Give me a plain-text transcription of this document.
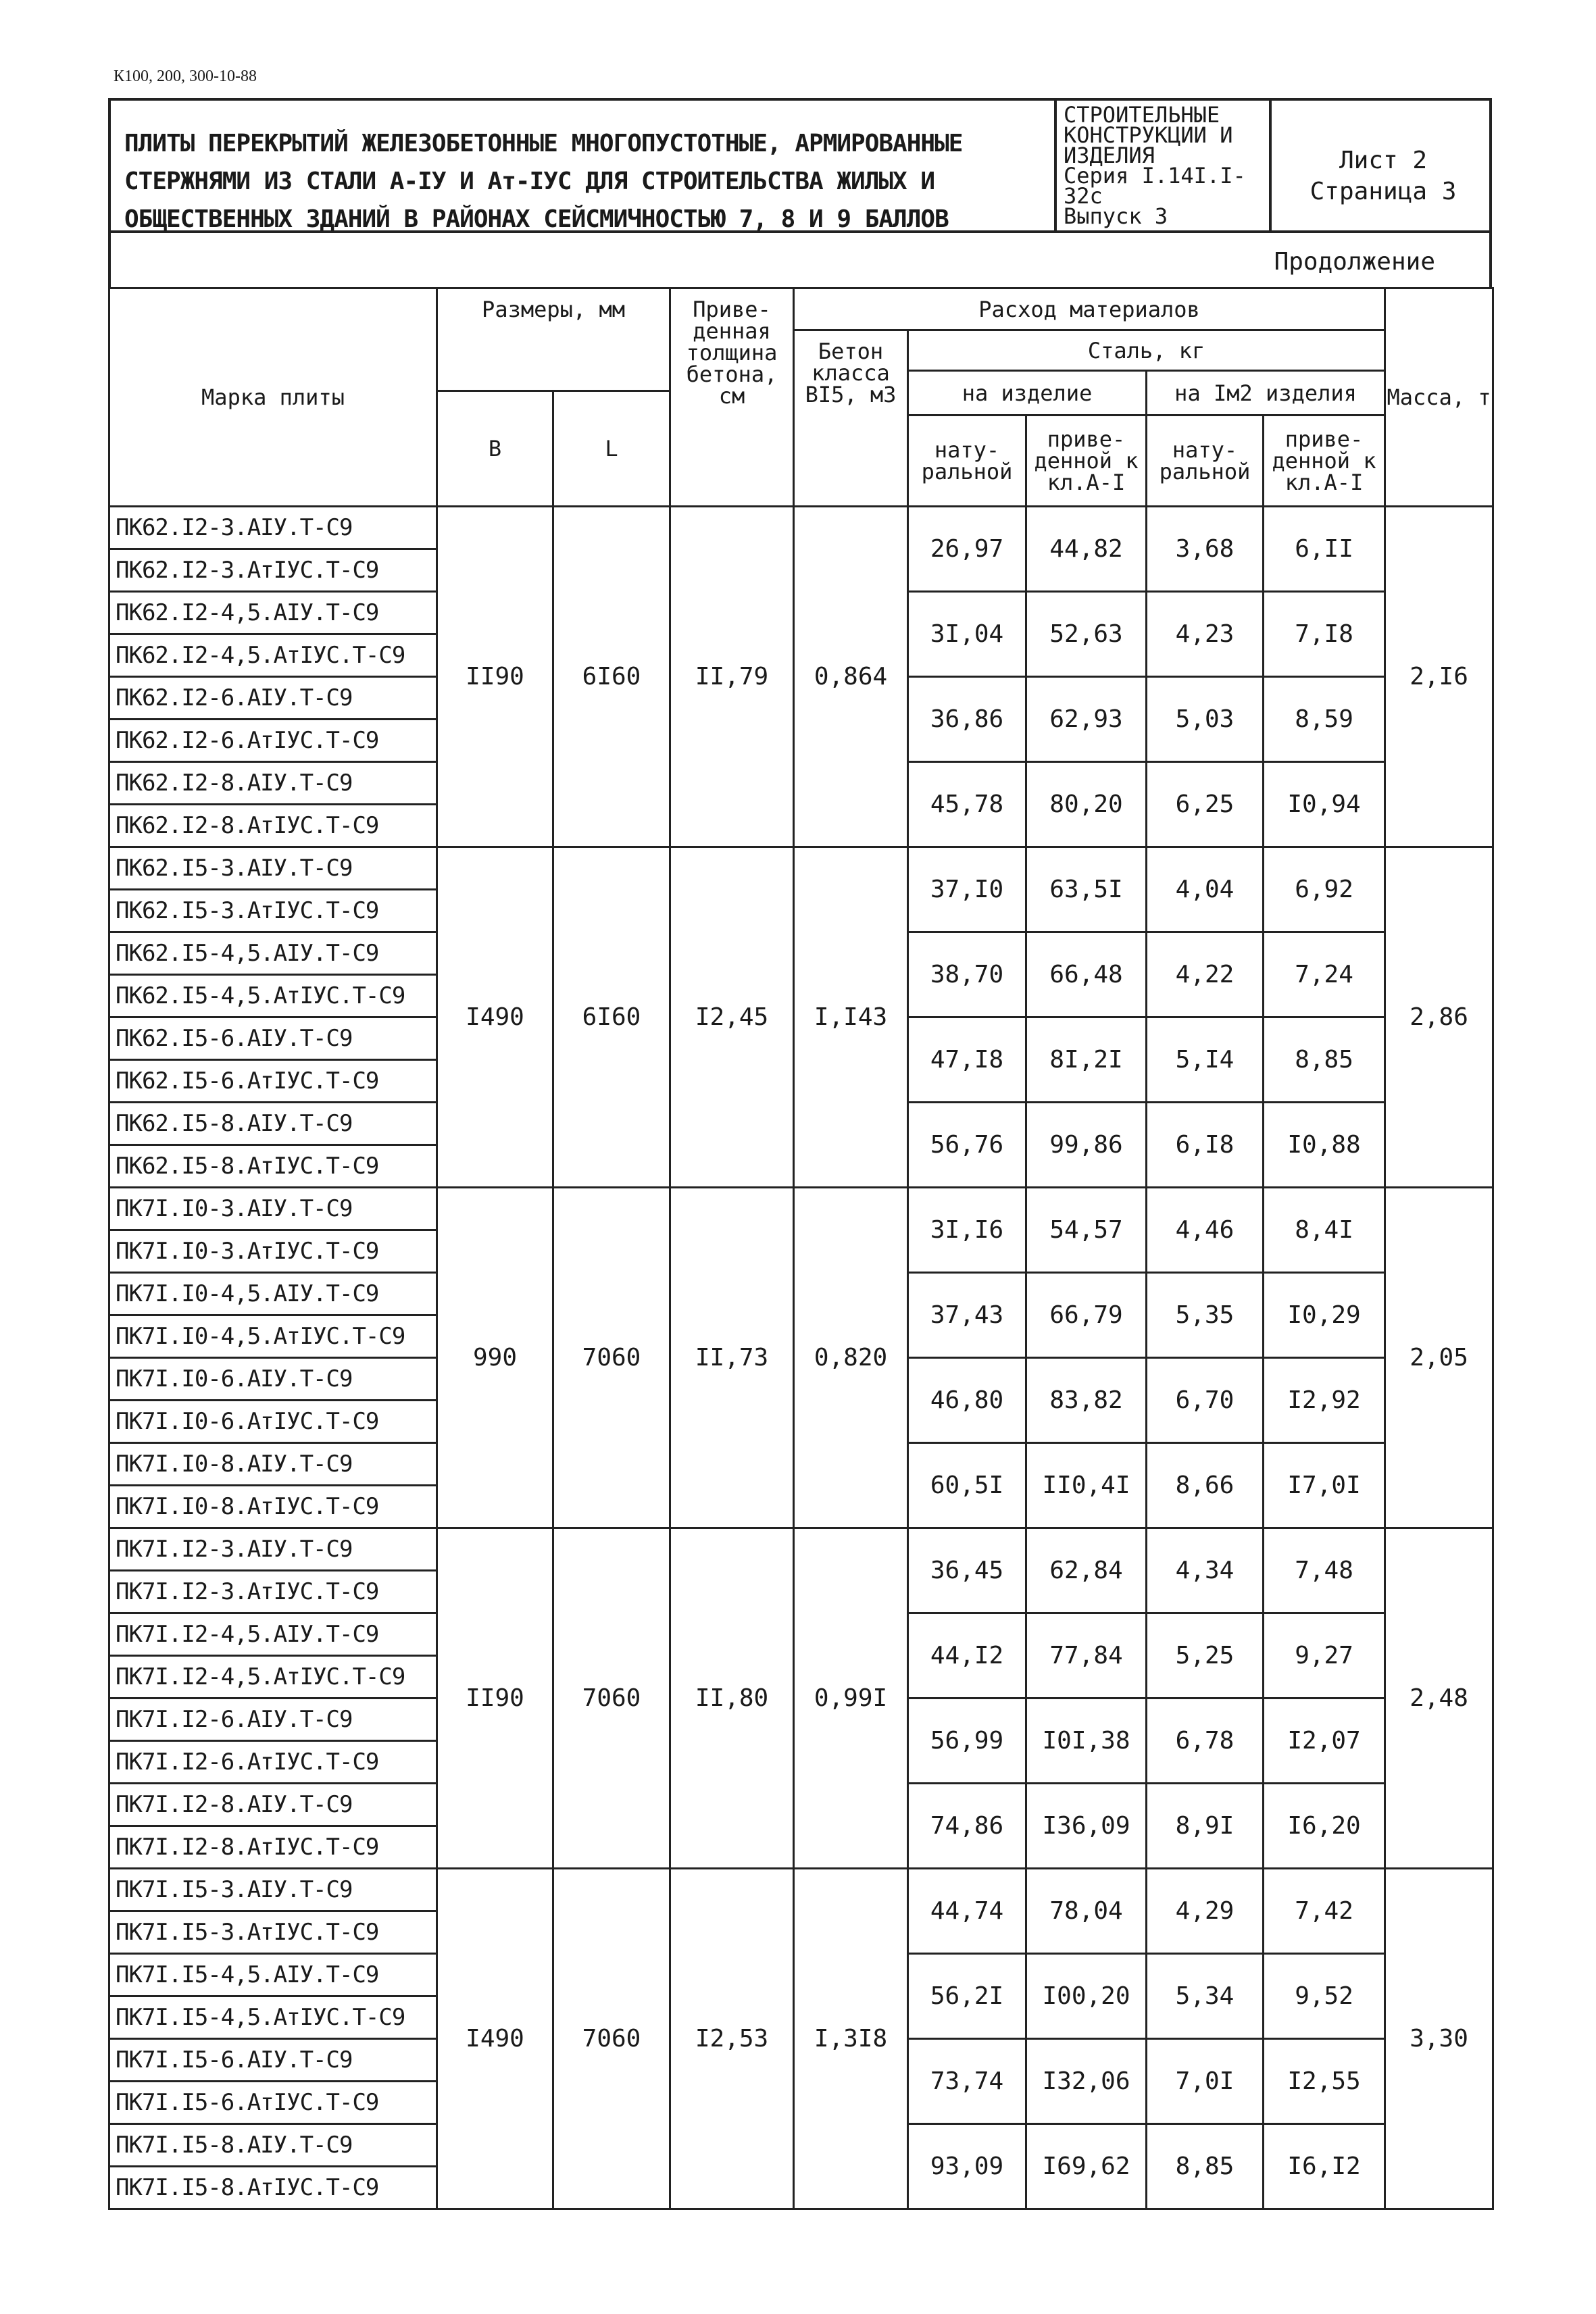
К100, 200, 300-10-88
ПЛИТЫ ПЕРЕКРЫТИЙ ЖЕЛЕЗОБЕТОННЫЕ МНОГОПУСТОТНЫЕ, АРМИРОВАННЫЕ
СТЕРЖНЯМИ ИЗ СТАЛИ А-IУ И Ат-IУС ДЛЯ СТРОИТЕЛЬСТВА ЖИЛЫХ И
ОБЩЕСТВЕННЫХ ЗДАНИЙ В РАЙОНАХ СЕЙСМИЧНОСТЬЮ 7, 8 И 9 БАЛЛОВ
СТРОИТЕЛЬНЫЕ
КОНСТРУКЦИИ И
ИЗДЕЛИЯ
Серия I.14I.I-32с
Выпуск 3
Лист 2
Страница 3
Продолжение
Марка плиты	Размеры, мм		Приве-денная толщина бетона, см	Расход материалов					Масса, т
				Бетон класса BI5, м3	Сталь, кг				
					на изделие		на Iм2 изделия		
	B	L							
					нату-ральной	приве-денной к кл.А-I	нату-ральной	приве-денной к кл.А-I	
ПК62.I2-3.AIУ.Т-С9	II90	6I60	II,79	0,864	26,97	44,82	3,68	6,II	2,I6
ПК62.I2-3.АтIУС.Т-С9									
ПК62.I2-4,5.AIУ.Т-С9					3I,04	52,63	4,23	7,I8	
ПК62.I2-4,5.АтIУС.Т-С9									
ПК62.I2-6.AIУ.Т-С9					36,86	62,93	5,03	8,59	
ПК62.I2-6.АтIУС.Т-С9									
ПК62.I2-8.AIУ.Т-С9					45,78	80,20	6,25	I0,94	
ПК62.I2-8.АтIУС.Т-С9									
ПК62.I5-3.AIУ.Т-С9	I490	6I60	I2,45	I,I43	37,I0	63,5I	4,04	6,92	2,86
ПК62.I5-3.АтIУС.Т-С9									
ПК62.I5-4,5.AIУ.Т-С9					38,70	66,48	4,22	7,24	
ПК62.I5-4,5.АтIУС.Т-С9									
ПК62.I5-6.AIУ.Т-С9					47,I8	8I,2I	5,I4	8,85	
ПК62.I5-6.АтIУС.Т-С9									
ПК62.I5-8.AIУ.Т-С9					56,76	99,86	6,I8	I0,88	
ПК62.I5-8.АтIУС.Т-С9									
ПК7I.I0-3.AIУ.Т-С9	990	7060	II,73	0,820	3I,I6	54,57	4,46	8,4I	2,05
ПК7I.I0-3.АтIУС.Т-С9									
ПК7I.I0-4,5.AIУ.Т-С9					37,43	66,79	5,35	I0,29	
ПК7I.I0-4,5.АтIУС.Т-С9									
ПК7I.I0-6.AIУ.Т-С9					46,80	83,82	6,70	I2,92	
ПК7I.I0-6.АтIУС.Т-С9									
ПК7I.I0-8.AIУ.Т-С9					60,5I	II0,4I	8,66	I7,0I	
ПК7I.I0-8.АтIУС.Т-С9									
ПК7I.I2-3.AIУ.Т-С9	II90	7060	II,80	0,99I	36,45	62,84	4,34	7,48	2,48
ПК7I.I2-3.АтIУС.Т-С9									
ПК7I.I2-4,5.AIУ.Т-С9					44,I2	77,84	5,25	9,27	
ПК7I.I2-4,5.АтIУС.Т-С9									
ПК7I.I2-6.AIУ.Т-С9					56,99	I0I,38	6,78	I2,07	
ПК7I.I2-6.АтIУС.Т-С9									
ПК7I.I2-8.AIУ.Т-С9					74,86	I36,09	8,9I	I6,20	
ПК7I.I2-8.АтIУС.Т-С9									
ПК7I.I5-3.AIУ.Т-С9	I490	7060	I2,53	I,3I8	44,74	78,04	4,29	7,42	3,30
ПК7I.I5-3.АтIУС.Т-С9									
ПК7I.I5-4,5.AIУ.Т-С9					56,2I	I00,20	5,34	9,52	
ПК7I.I5-4,5.АтIУС.Т-С9									
ПК7I.I5-6.AIУ.Т-С9					73,74	I32,06	7,0I	I2,55	
ПК7I.I5-6.АтIУС.Т-С9									
ПК7I.I5-8.AIУ.Т-С9					93,09	I69,62	8,85	I6,I2	
ПК7I.I5-8.АтIУС.Т-С9									
